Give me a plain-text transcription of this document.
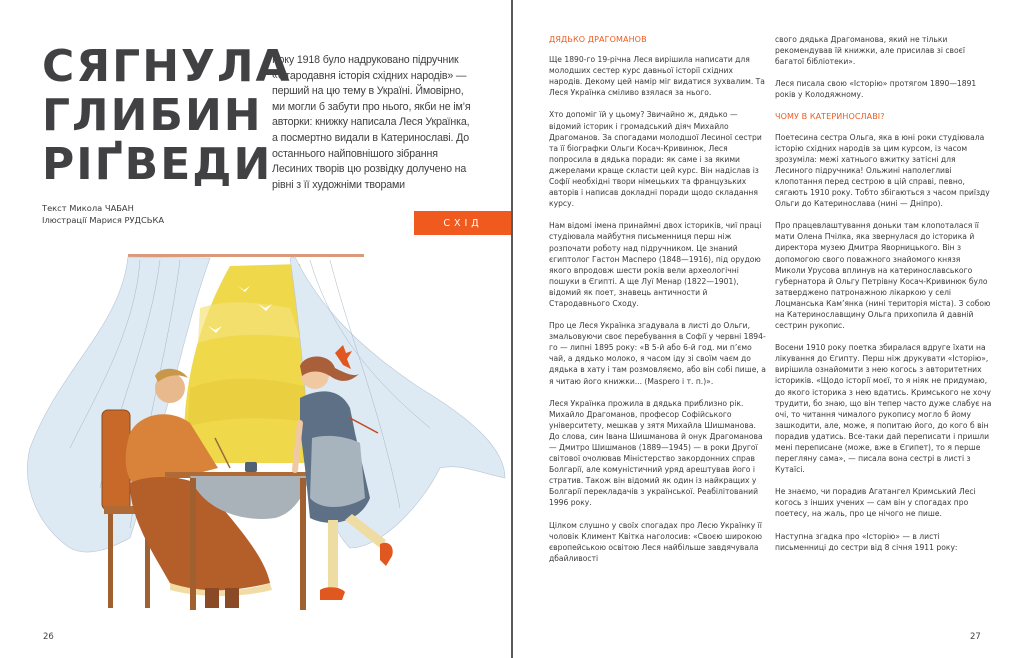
СЯГНУЛА
ГЛИБИН
РІҐВЕДИ

Року 1918 було надруковано підручник «Стародавня історія східних народів» — перший на цю тему в Україні. Ймовірно, ми могли б забути про нього, якби не ім’я авторки: книжку написала Леся Українка, а посмертно видали в Катеринославі. До останнього найповнішого зібрання Лесиних творів цю розвідку долучено на рівні з її художніми творами

Текст Микола ЧАБАН
Ілюстрації Марися РУДСЬКА	СХІД
26
ДЯДЬКО ДРАГОМАНОВ

Ще 1890-го 19-річна Леся вирішила написати для молодших сестер курс давньої історії східних народів. Декому цей намір міг видатися зухвалим. Та Леся Українка сміливо взялася за нього.

Хто допоміг їй у цьому? Звичайно ж, дядько — відомий історик і громадський діяч Михайло Драгоманов. За спогадами молодшої Лесиної сестри та її біографки Ольги Косач-Кривинюк, Леся попросила в дядька поради: як саме і за якими джерелами краще скласти цей курс. Він надіслав із Софії необхідні твори німецьких та французьких авторів і написав докладні поради щодо складання курсу.

Нам відомі імена принаймні двох істориків, чиї праці студіювала майбутня письменниця перш ніж розпочати роботу над підручником. Це знаний єгиптолог Гастон Масперо (1848—1916), під орудою якого впродовж шести років вели археологічні пошуки в Єгипті. А ще Луї Менар (1822—1901), відомий як поет, знавець античности й Стародавнього Сходу.

Про це Леся Українка згадувала в листі до Ольги, змальовуючи своє перебування в Софії у червні 1894-го — липні 1895 року: «В 5-й або 6-й год. ми п’ємо чай, а дядько молоко, я часом іду зі своїм чаєм до дядька в хату і там розмовляємо, або він собі пише, а я читаю його книжки... (Maspero і т. п.)».

Леся Українка прожила в дядька приблизно рік. Михайло Драгоманов, професор Софійського університету, мешкав у зятя Михайла Шишманова. До слова, син Івана Шишманова й онук Драгоманова — Дмитро Шишманов (1889—1945) — в роки Другої світової очолював Міністерство закордонних справ Болгарії, але комуністичний уряд арештував його і стратив. Також він відомий як один із найкращих у Болгарії перекладачів з української. Реабілітований 1996 року.

Цілком слушно у своїх спогадах про Лесю Українку її чоловік Климент Квітка наголосив: «Своєю широкою європейською освітою Леся найбільше завдячувала дбайливості

свого дядька Драгоманова, який не тільки рекомендував їй книжки, але присилав зі своєї багатої бібліотеки».

Леся писала свою «Історію» протягом 1890—1891 років у Колодяжному.

ЧОМУ В КАТЕРИНОСЛАВІ?

Поетесина сестра Ольга, яка в юні роки студіювала історію східних народів за цим курсом, із часом зрозуміла: межі хатнього вжитку затісні для Лесиного підручника! Ольжині наполегливі клопотання перед сестрою в цій справі, певно, сягають 1910 року. Тобто збігаються з часом приїзду Ольги до Катеринослава (нині — Дніпро).

Про працевлаштування доньки там клопоталася її мати Олена Пчілка, яка звернулася до історика й директора музею Дмитра Яворницького. Він з допомогою свого поважного знайомого князя Миколи Урусова вплинув на катеринославського губернатора й Ольгу Петрівну Косач-Кривинюк було затверджено патронажною лікаркою у селі Лоцманська Кам’янка (нині територія міста). З собою на Катеринославщину Ольга прихопила й давній сестрин рукопис.

Восени 1910 року поетка збиралася вдруге їхати на лікування до Єгипту. Перш ніж друкувати «Історію», вирішила ознайомити з нею когось з авторитетних істориків. «Щодо історії моєї, то я ніяк не придумаю, до якого історика з нею вдатись. Кримського не хочу трудити, бо знаю, що він тепер часто дуже слабує на очі, то читання чималого рукопису могло б йому зашкодити, але, може, я попитаю його, до кого б він порадив удатись. Все-таки дай переписати і пришли мені переписане (може, вже в Єгипет), то я перше перегляну сама», — писала вона сестрі в листі з Кутаїсі.

Не знаємо, чи порадив Агатангел Кримський Лесі когось з інших учених — сам він у спогадах про поетесу, на жаль, про це нічого не пише.

Наступна згадка про «Історію» — в листі письменниці до сестри від 8 січня 1911 року:

27
